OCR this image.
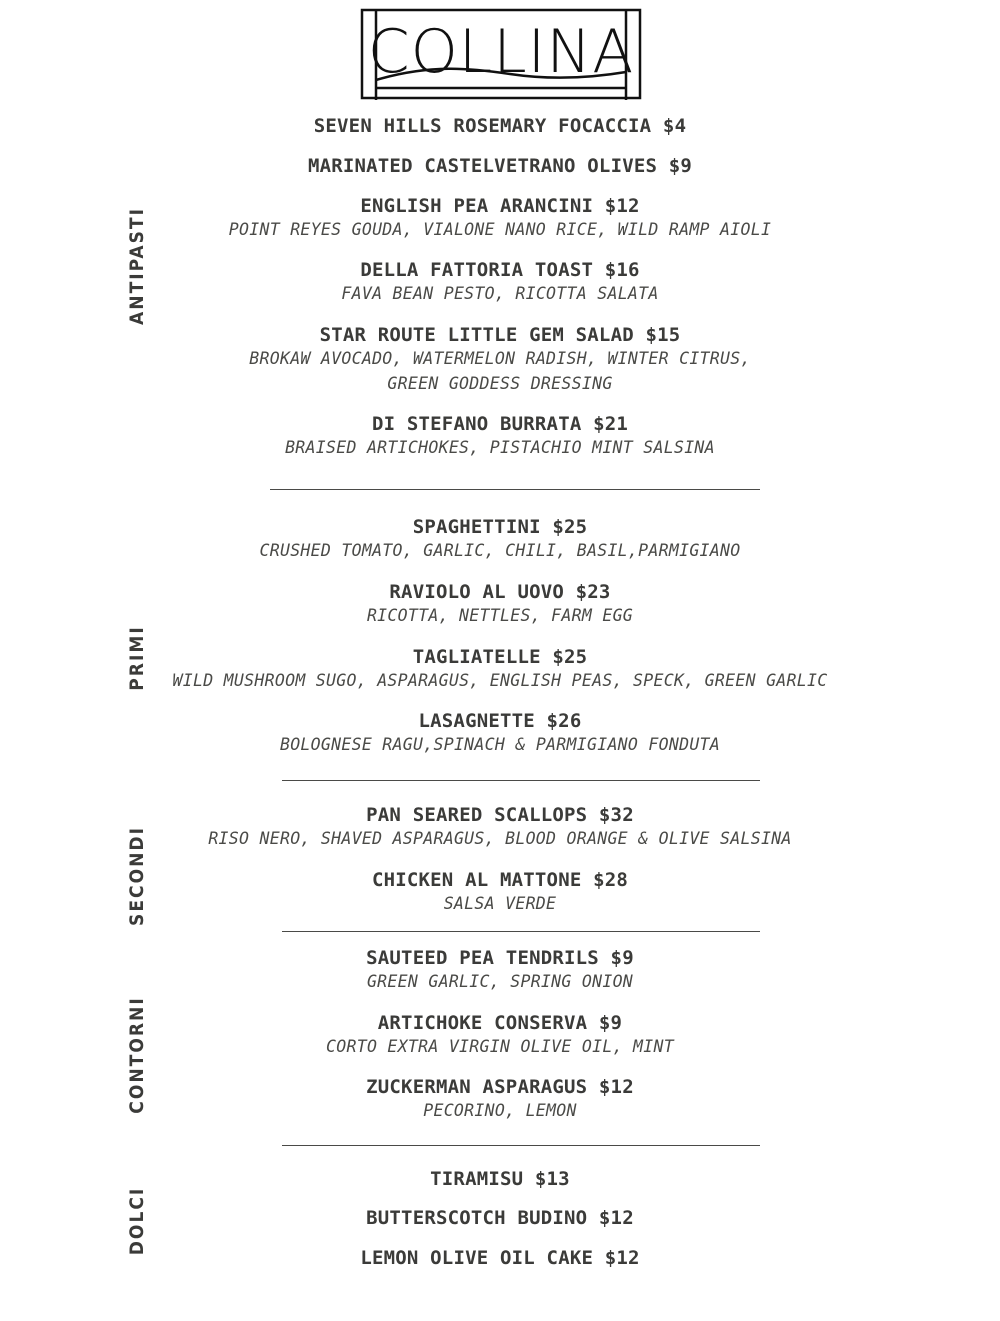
COLLINA
ANTIPASTI
PRIMI
SECONDI
CONTORNI
DOLCI
SEVEN HILLS ROSEMARY FOCACCIA $4
MARINATED CASTELVETRANO OLIVES $9
ENGLISH PEA ARANCINI $12
POINT REYES GOUDA, VIALONE NANO RICE, WILD RAMP AIOLI
DELLA FATTORIA TOAST $16
FAVA BEAN PESTO, RICOTTA SALATA
STAR ROUTE LITTLE GEM SALAD $15
BROKAW AVOCADO, WATERMELON RADISH, WINTER CITRUS,
GREEN GODDESS DRESSING
DI STEFANO BURRATA $21
BRAISED ARTICHOKES, PISTACHIO MINT SALSINA
SPAGHETTINI $25
CRUSHED TOMATO, GARLIC, CHILI, BASIL,PARMIGIANO
RAVIOLO AL UOVO $23
RICOTTA, NETTLES, FARM EGG
TAGLIATELLE $25
WILD MUSHROOM SUGO, ASPARAGUS, ENGLISH PEAS, SPECK, GREEN GARLIC
LASAGNETTE $26
BOLOGNESE RAGU,SPINACH & PARMIGIANO FONDUTA
PAN SEARED SCALLOPS $32
RISO NERO, SHAVED ASPARAGUS, BLOOD ORANGE & OLIVE SALSINA
CHICKEN AL MATTONE $28
SALSA VERDE
SAUTEED PEA TENDRILS $9
GREEN GARLIC, SPRING ONION
ARTICHOKE CONSERVA $9
CORTO EXTRA VIRGIN OLIVE OIL, MINT
ZUCKERMAN ASPARAGUS $12
PECORINO, LEMON
TIRAMISU $13
BUTTERSCOTCH BUDINO $12
LEMON OLIVE OIL CAKE $12
